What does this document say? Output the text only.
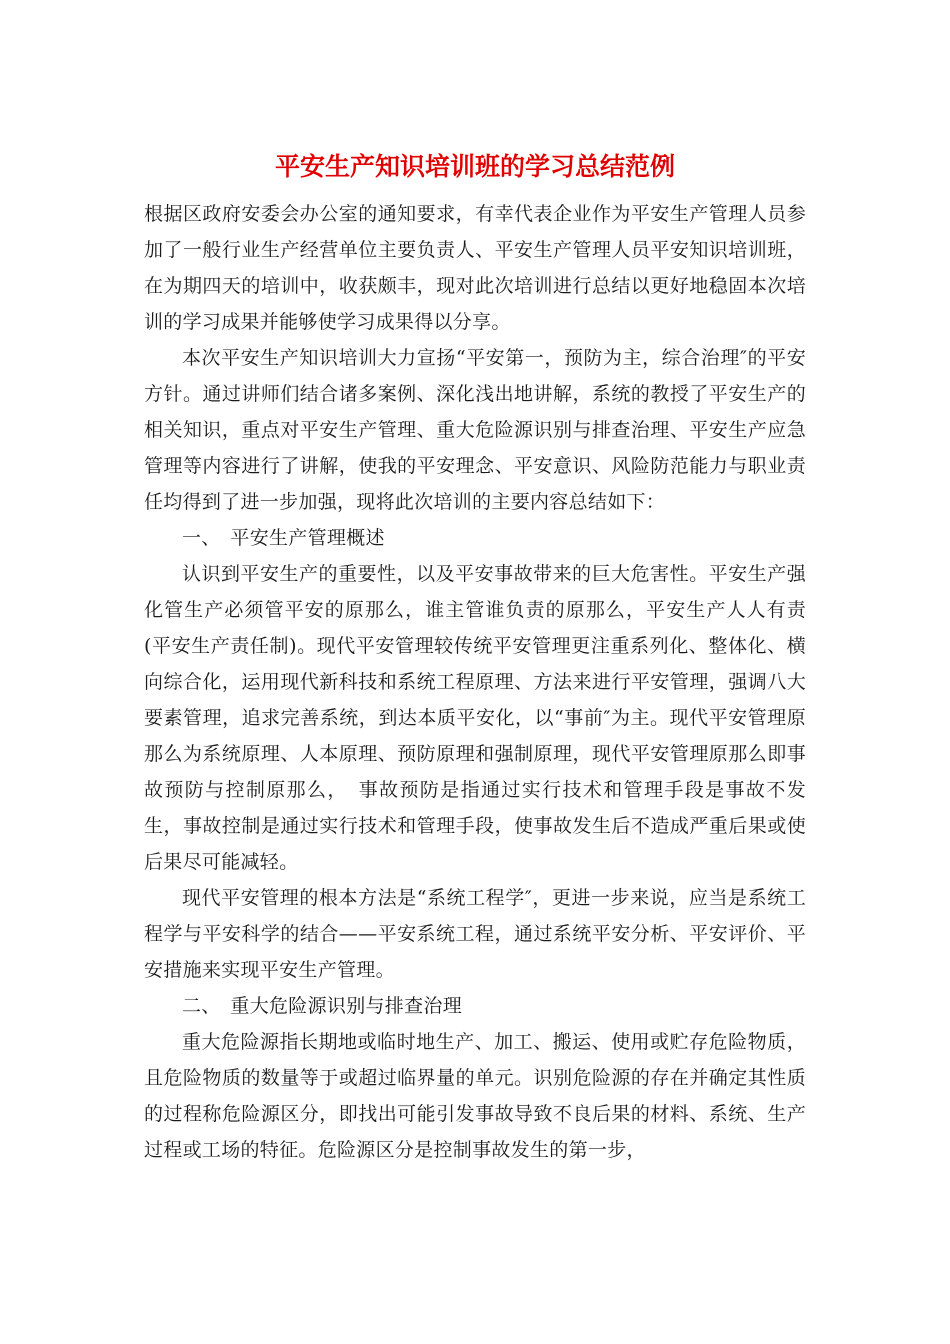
平安生产知识培训班的学习总结范例

根据区政府安委会办公室的通知要求，有幸代表企业作为平安生产管理人员参加了一般行业生产经营单位主要负责人、平安生产管理人员平安知识培训班，在为期四天的培训中，收获颇丰，现对此次培训进行总结以更好地稳固本次培训的学习成果并能够使学习成果得以分享。

本次平安生产知识培训大力宣扬“平安第一，预防为主，综合治理″的平安方针。通过讲师们结合诸多案例、深化浅出地讲解，系统的教授了平安生产的相关知识，重点对平安生产管理、重大危险源识别与排查治理、平安生产应急管理等内容进行了讲解，使我的平安理念、平安意识、风险防范能力与职业责任均得到了进一步加强，现将此次培训的主要内容总结如下：

一、　平安生产管理概述

认识到平安生产的重要性，以及平安事故带来的巨大危害性。平安生产强化管生产必须管平安的原那么，谁主管谁负责的原那么，平安生产人人有责(平安生产责任制)。现代平安管理较传统平安管理更注重系列化、整体化、横向综合化，运用现代新科技和系统工程原理、方法来进行平安管理，强调八大要素管理，追求完善系统，到达本质平安化，以“事前″为主。现代平安管理原那么为系统原理、人本原理、预防原理和强制原理，现代平安管理原那么即事故预防与控制原那么，　事故预防是指通过实行技术和管理手段是事故不发生，事故控制是通过实行技术和管理手段，使事故发生后不造成严重后果或使后果尽可能减轻。

现代平安管理的根本方法是“系统工程学″，更进一步来说，应当是系统工程学与平安科学的结合——平安系统工程，通过系统平安分析、平安评价、平安措施来实现平安生产管理。

二、　重大危险源识别与排查治理

重大危险源指长期地或临时地生产、加工、搬运、使用或贮存危险物质，且危险物质的数量等于或超过临界量的单元。识别危险源的存在并确定其性质的过程称危险源区分，即找出可能引发事故导致不良后果的材料、系统、生产过程或工场的特征。危险源区分是控制事故发生的第一步，
